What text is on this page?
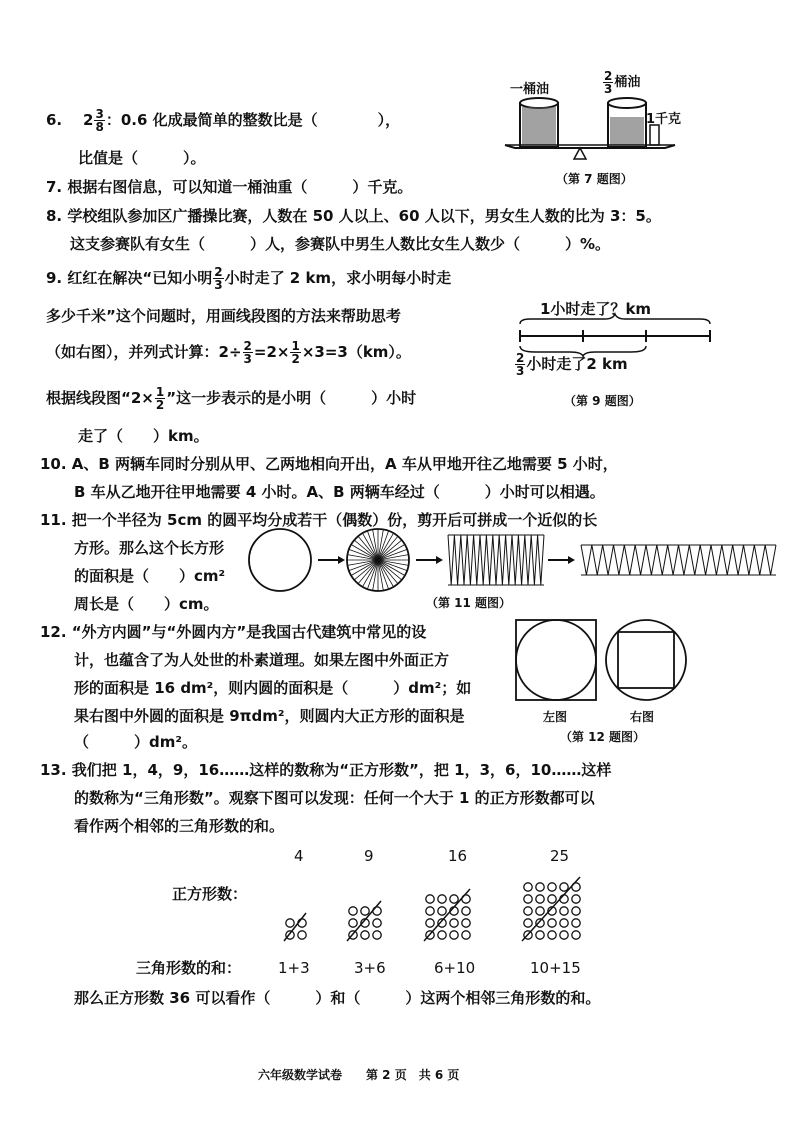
6. $2 \frac{3}{8}$ ：0.6 化成最简单的整数比是（　　　　），
比值是（　　　）。
一桶油	$\frac{2}{3}$ 桶油
1千克
（第 7 题图）
7. 根据右图信息，可以知道一桶油重（　　　）千克。
8. 学校组队参加区广播操比赛，人数在 50 人以上、60 人以下，男女生人数的比为 3：5。
这支参赛队有女生（　　　）人，参赛队中男生人数比女生人数少（　　　）%。
9. 红红在解决“已知小明 $\frac{2}{3}$ 小时走了 2 km，求小明每小时走
多少千米”这个问题时，用画线段图的方法来帮助思考
（如右图），并列式计算：$2\div \frac{2}{3} =2\times \frac{1}{2} \times 3=3(km)$。
根据线段图“$2\times \frac{1}{2}$ ”这一步表示的是小明（　　　）小时
走了（　　）km。
1小时走了？km
$\frac{2}{3}$ 小时走了2 km
（第 9 题图）
10. A、B 两辆车同时分别从甲、乙两地相向开出，A 车从甲地开往乙地需要 5 小时，
B 车从乙地开往甲地需要 4 小时。A、B 两辆车经过（　　　）小时可以相遇。
11. 把一个半径为 5cm 的圆平均分成若干（偶数）份，剪开后可拼成一个近似的长
方形。那么这个长方形
的面积是（　　）cm²
周长是（　　）cm。	（第 11 题图）
12. “外方内圆”与“外圆内方”是我国古代建筑中常见的设
计，也蕴含了为人处世的朴素道理。如果左图中外面正方
形的面积是 16 dm²，则内圆的面积是（　　　）dm²；如
果右图中外圆的面积是 9πdm²，则圆内大正方形的面积是
（　　　）dm²。
左图	右图
（第 12 题图）
13. 我们把 1，4，9，16……这样的数称为“正方形数”，把 1，3，6，10……这样
的数称为“三角形数”。观察下图可以发现：任何一个大于 1 的正方形数都可以
看作两个相邻的三角形数的和。
正方形数：
三角形数的和：
4	9	16	25
1+3	3+6	6+10	10+15
那么正方形数 36 可以看作（　　　）和（　　　）这两个相邻三角形数的和。
六年级数学试卷　　第 2 页　共 6 页
